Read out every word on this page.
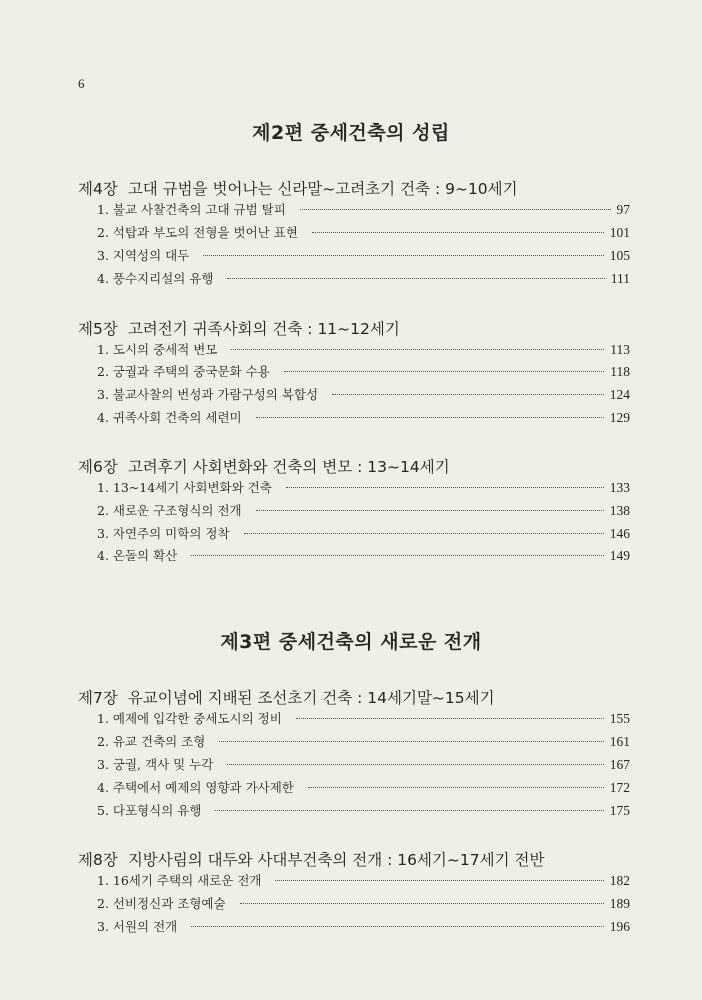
6
제2편 중세건축의 성립
제4장 고대 규범을 벗어나는 신라말~고려초기 건축 : 9~10세기
1. 불교 사찰건축의 고대 규범 탈피	97
2. 석탑과 부도의 전형을 벗어난 표현	101
3. 지역성의 대두	105
4. 풍수지리설의 유행	111
제5장 고려전기 귀족사회의 건축 : 11~12세기
1. 도시의 중세적 변모	113
2. 궁궐과 주택의 중국문화 수용	118
3. 불교사찰의 번성과 가람구성의 복합성	124
4. 귀족사회 건축의 세련미	129
제6장 고려후기 사회변화와 건축의 변모 : 13~14세기
1. 13~14세기 사회변화와 건축	133
2. 새로운 구조형식의 전개	138
3. 자연주의 미학의 정착	146
4. 온돌의 확산	149
제3편 중세건축의 새로운 전개
제7장 유교이념에 지배된 조선초기 건축 : 14세기말~15세기
1. 예제에 입각한 중세도시의 정비	155
2. 유교 건축의 조형	161
3. 궁궐, 객사 및 누각	167
4. 주택에서 예제의 영향과 가사제한	172
5. 다포형식의 유행	175
제8장 지방사림의 대두와 사대부건축의 전개 : 16세기~17세기 전반
1. 16세기 주택의 새로운 전개	182
2. 선비정신과 조형예술	189
3. 서원의 전개	196
